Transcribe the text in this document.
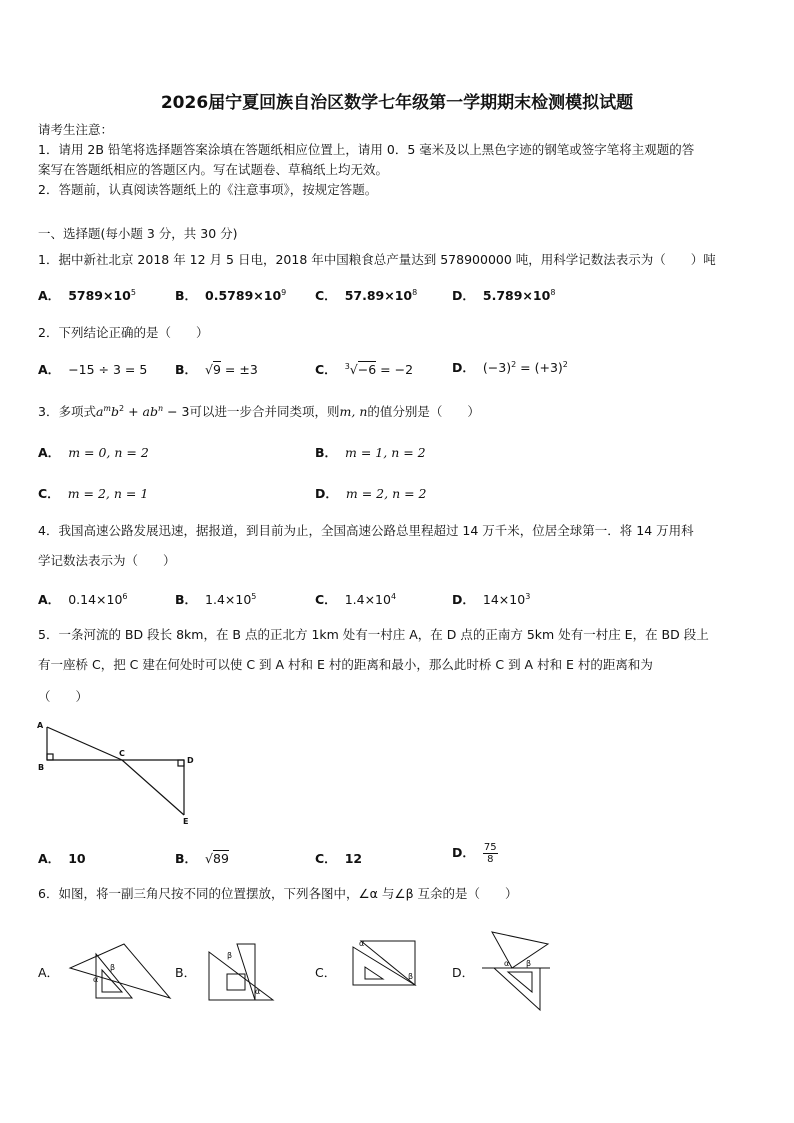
2026届宁夏回族自治区数学七年级第一学期期末检测模拟试题
请考生注意：
1．请用 2B 铅笔将选择题答案涂填在答题纸相应位置上，请用 0．5 毫米及以上黑色字迹的钢笔或签字笔将主观题的答
案写在答题纸相应的答题区内。写在试题卷、草稿纸上均无效。
2．答题前，认真阅读答题纸上的《注意事项》，按规定答题。
一、选择题(每小题 3 分，共 30 分)
1．据中新社北京 2018 年 12 月 5 日电，2018 年中国粮食总产量达到 578900000 吨，用科学记数法表示为（　　）吨
A． $5789\times 10^5$	B． $0.5789\times 10^9$ C． $57.89\times 10^8$	D． $5.789\times 10^8$
2．下列结论正确的是（　　）
A． −15 ÷ 3 = 5 B． √9 = ±3	C． $^3$√−6 = −2	D． $(-3)^2 = (+3)^2$
3．多项式$a^mb^2 + ab^n - 3$可以进一步合并同类项，则m, n的值分别是（　　）
A． m = 0, n = 2	B． m = 1, n = 2
C． m = 2, n = 1	D． m = 2, n = 2
4．我国高速公路发展迅速，据报道，到目前为止，全国高速公路总里程超过 14 万千米，位居全球第一．将 14 万用科
学记数法表示为（　　）
A． $0.14\times 10^6$	B． $1.4\times 10^5$	C． $1.4\times 10^4$	D． $14\times 10^3$
5．一条河流的 BD 段长 8km，在 B 点的正北方 1km 处有一村庄 A，在 D 点的正南方 5km 处有一村庄 E，在 BD 段上
有一座桥 C，把 C 建在何处时可以使 C 到 A 村和 E 村的距离和最小，那么此时桥 C 到 A 村和 E 村的距离和为
（　　）
A
B
C
D
E
A． 10	B． √89	C． 12	D． $\frac{75}{8}$
6．如图，将一副三角尺按不同的位置摆放，下列各图中，∠α 与∠β 互余的是（　　）
A．	α
β	B．
β
α
C．
α
β	D．
α β
